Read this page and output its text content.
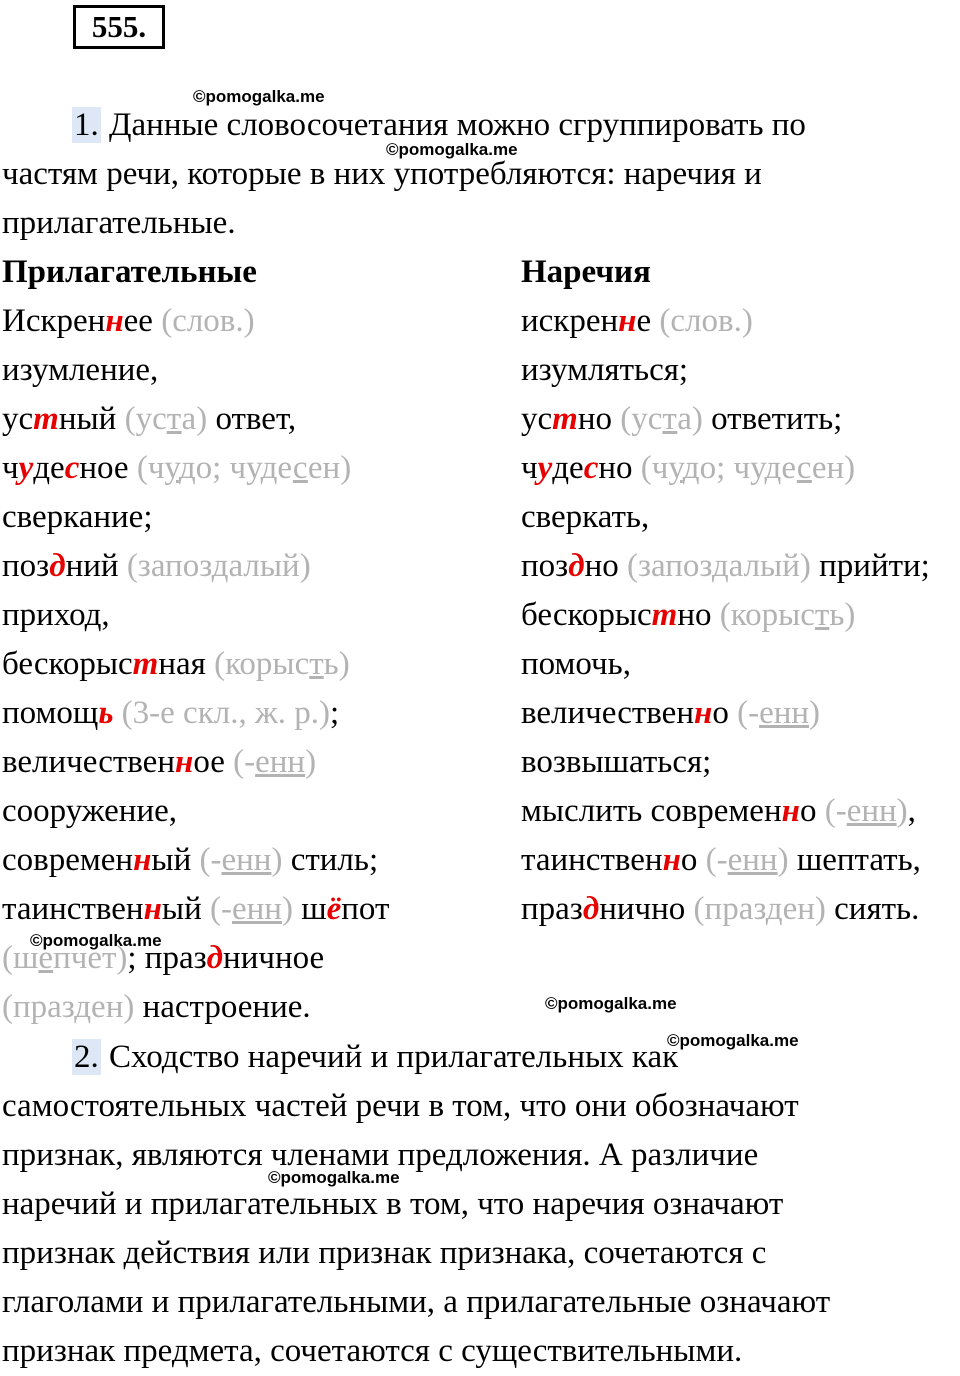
555.
©pomogalka.me
©pomogalka.me
©pomogalka.me
©pomogalka.me
©pomogalka.me
©pomogalka.me
1. Данные словосочетания можно сгруппировать по
частям речи, которые в них употребляются: наречия и
прилагательные.
Прилагательные	Наречия
Искреннее (слов.)
изумление,
устный (уста) ответ,
чудесное (чудо; чудесен)
сверкание;
поздний (запоздалый)
приход,
бескорыстная (корысть)
помощь (3-е скл., ж. р.);
величественное (-енн)
сооружение,
современный (-енн) стиль;
таинственный (-енн) шёпот
(шепчет); праздничное
(празден) настроение.
искренне (слов.)
изумляться;
устно (уста) ответить;
чудесно (чудо; чудесен)
сверкать,
поздно (запоздалый) прийти;
бескорыстно (корысть)
помочь,
величественно (-енн)
возвышаться;
мыслить современно (-енн),
таинственно (-енн) шептать,
празднично (празден) сиять.
2. Сходство наречий и прилагательных как
самостоятельных частей речи в том, что они обозначают
признак, являются членами предложения. А различие
наречий и прилагательных в том, что наречия означают
признак действия или признак признака, сочетаются с
глаголами и прилагательными, а прилагательные означают
признак предмета, сочетаются с существительными.
